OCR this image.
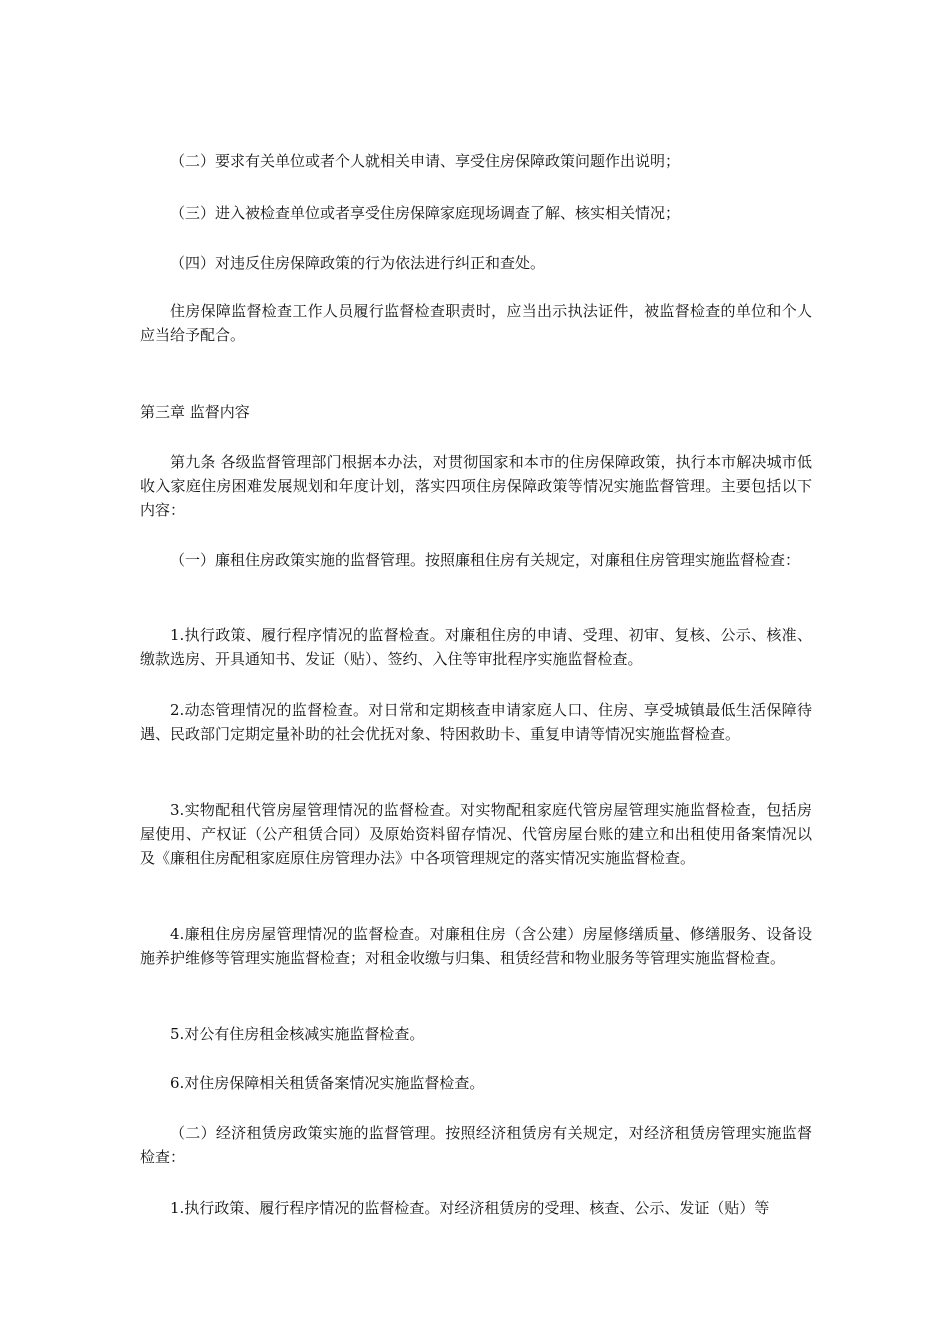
（二）要求有关单位或者个人就相关申请、享受住房保障政策问题作出说明；

（三）进入被检查单位或者享受住房保障家庭现场调查了解、核实相关情况；

（四）对违反住房保障政策的行为依法进行纠正和查处。

住房保障监督检查工作人员履行监督检查职责时，应当出示执法证件，被监督检查的单位和个人应当给予配合。

第三章 监督内容

第九条 各级监督管理部门根据本办法，对贯彻国家和本市的住房保障政策，执行本市解决城市低收入家庭住房困难发展规划和年度计划，落实四项住房保障政策等情况实施监督管理。主要包括以下内容：

（一）廉租住房政策实施的监督管理。按照廉租住房有关规定，对廉租住房管理实施监督检查：

1.执行政策、履行程序情况的监督检查。对廉租住房的申请、受理、初审、复核、公示、核准、缴款选房、开具通知书、发证（贴）、签约、入住等审批程序实施监督检查。

2.动态管理情况的监督检查。对日常和定期核查申请家庭人口、住房、享受城镇最低生活保障待遇、民政部门定期定量补助的社会优抚对象、特困救助卡、重复申请等情况实施监督检查。

3.实物配租代管房屋管理情况的监督检查。对实物配租家庭代管房屋管理实施监督检查，包括房屋使用、产权证（公产租赁合同）及原始资料留存情况、代管房屋台账的建立和出租使用备案情况以及《廉租住房配租家庭原住房管理办法》中各项管理规定的落实情况实施监督检查。

4.廉租住房房屋管理情况的监督检查。对廉租住房（含公建）房屋修缮质量、修缮服务、设备设施养护维修等管理实施监督检查；对租金收缴与归集、租赁经营和物业服务等管理实施监督检查。

5.对公有住房租金核减实施监督检查。

6.对住房保障相关租赁备案情况实施监督检查。

（二）经济租赁房政策实施的监督管理。按照经济租赁房有关规定，对经济租赁房管理实施监督检查：

1.执行政策、履行程序情况的监督检查。对经济租赁房的受理、核查、公示、发证（贴）等
